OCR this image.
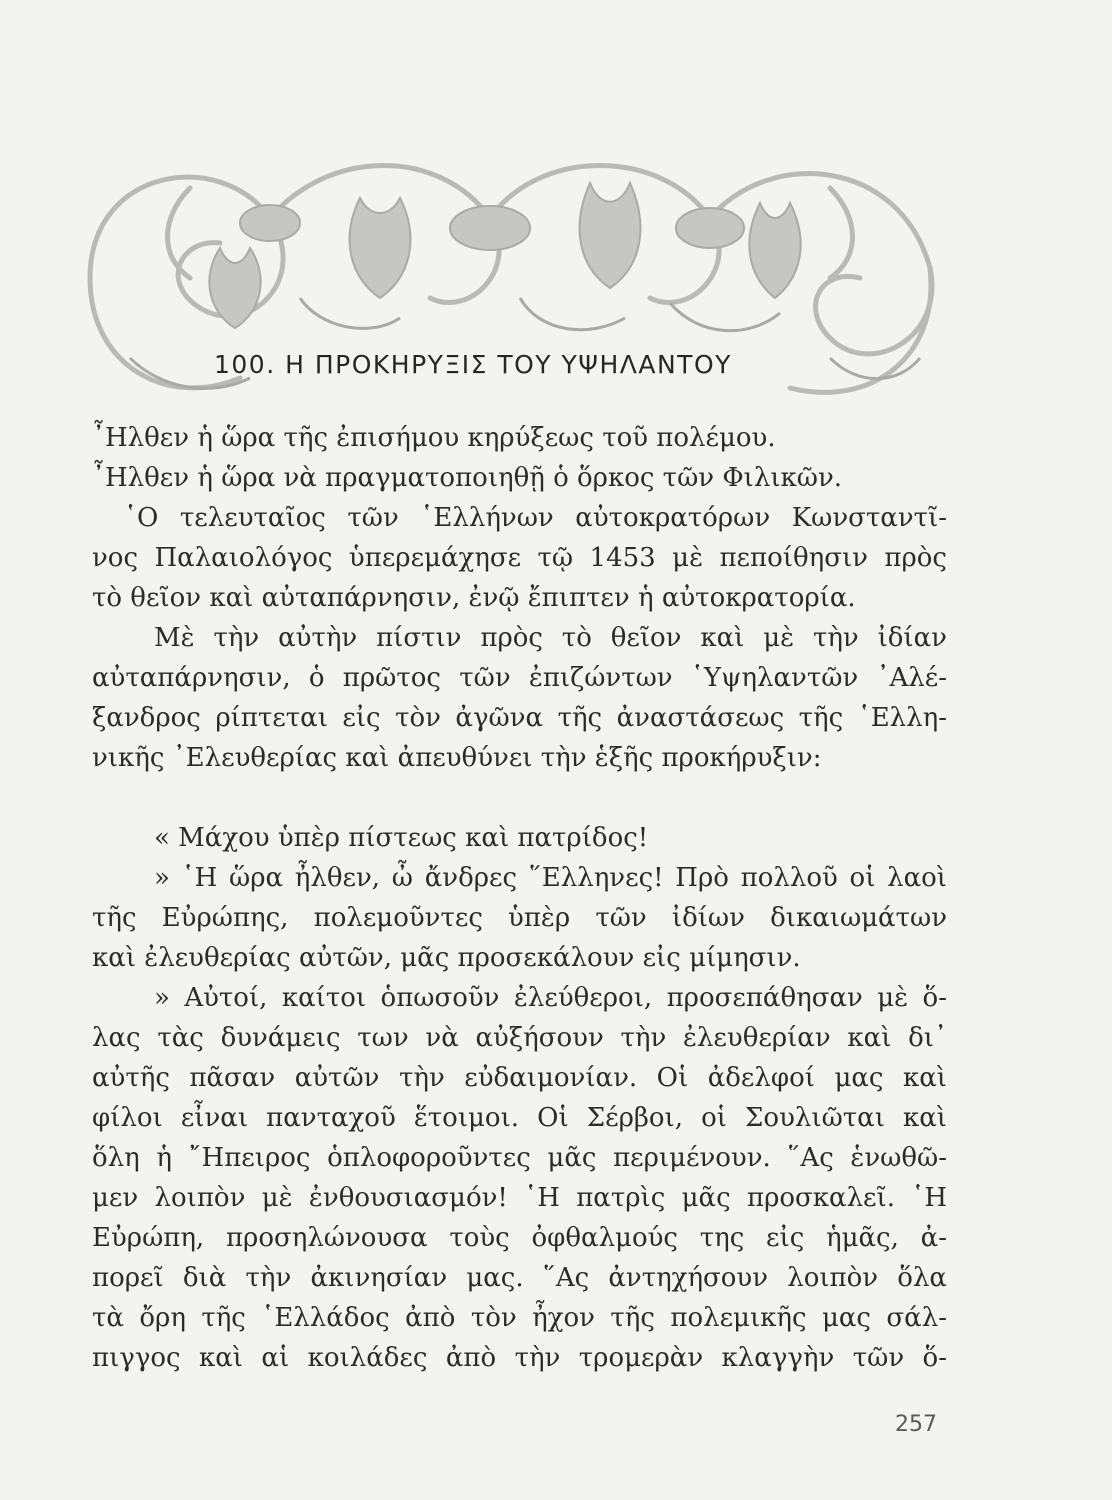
100. Η ΠΡΟΚΗΡΥΞΙΣ ΤΟΥ ΥΨΗΛΑΝΤΟΥ
῏Ηλθεν ἡ ὥρα τῆς ἐπισήμου κηρύξεως τοῦ πολέμου.
῏Ηλθεν ἡ ὥρα νὰ πραγματοποιηθῇ ὁ ὅρκος τῶν Φιλικῶν.
῾Ο τελευταῖος τῶν ῾Ελλήνων αὐτοκρατόρων Κωνσταντῖ-
νος Παλαιολόγος ὑπερεμάχησε τῷ 1453 μὲ πεποίθησιν πρὸς
τὸ θεῖον καὶ αὐταπάρνησιν, ἐνῷ ἔπιπτεν ἡ αὐτοκρατορία.
Μὲ τὴν αὐτὴν πίστιν πρὸς τὸ θεῖον καὶ μὲ τὴν ἰδίαν
αὐταπάρνησιν, ὁ πρῶτος τῶν ἐπιζώντων ῾Υψηλαντῶν ᾿Αλέ-
ξανδρος ρίπτεται εἰς τὸν ἀγῶνα τῆς ἀναστάσεως τῆς ῾Ελλη-
νικῆς ᾿Ελευθερίας καὶ ἀπευθύνει τὴν ἑξῆς προκήρυξιν:
« Μάχου ὑπὲρ πίστεως καὶ πατρίδος!
» ῾Η ὥρα ἦλθεν, ὦ ἄνδρες ῞Ελληνες! Πρὸ πολλοῦ οἱ λαοὶ
τῆς Εὐρώπης, πολεμοῦντες ὑπὲρ τῶν ἰδίων δικαιωμάτων
καὶ ἐλευθερίας αὐτῶν, μᾶς προσεκάλουν εἰς μίμησιν.
» Αὐτοί, καίτοι ὁπωσοῦν ἐλεύθεροι, προσεπάθησαν μὲ ὅ-
λας τὰς δυνάμεις των νὰ αὐξήσουν τὴν ἐλευθερίαν καὶ δι᾿
αὐτῆς πᾶσαν αὐτῶν τὴν εὐδαιμονίαν. Οἱ ἀδελφοί μας καὶ
φίλοι εἶναι πανταχοῦ ἕτοιμοι. Οἱ Σέρβοι, οἱ Σουλιῶται καὶ
ὅλη ἡ ῎Ηπειρος ὁπλοφοροῦντες μᾶς περιμένουν. ῞Ας ἑνωθῶ-
μεν λοιπὸν μὲ ἐνθουσιασμόν! ῾Η πατρὶς μᾶς προσκαλεῖ. ῾Η
Εὐρώπη, προσηλώνουσα τοὺς ὀφθαλμούς της εἰς ἡμᾶς, ἀ-
πορεῖ διὰ τὴν ἀκινησίαν μας. ῞Ας ἀντηχήσουν λοιπὸν ὅλα
τὰ ὄρη τῆς ῾Ελλάδος ἀπὸ τὸν ἦχον τῆς πολεμικῆς μας σάλ-
πιγγος καὶ αἱ κοιλάδες ἀπὸ τὴν τρομερὰν κλαγγὴν τῶν ὅ-
257
